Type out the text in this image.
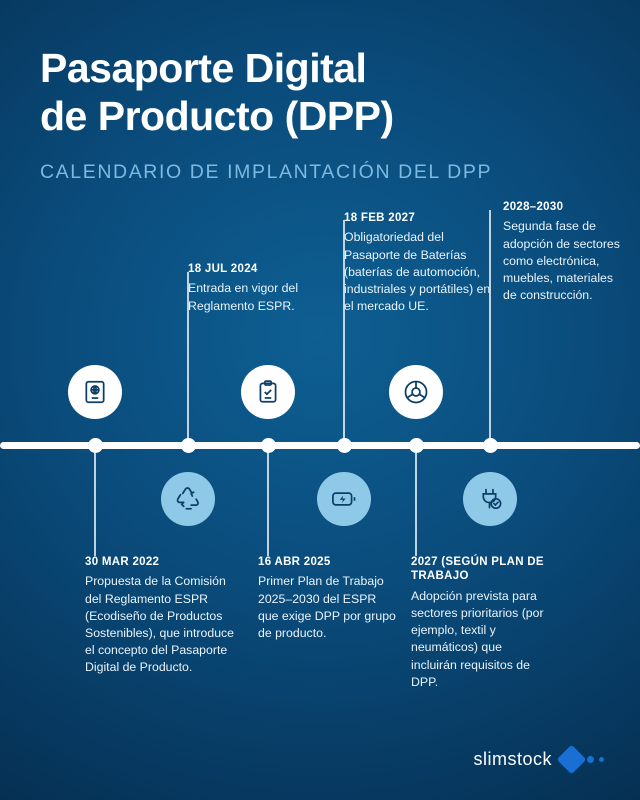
Pasaporte Digital
de Producto (DPP)
CALENDARIO DE IMPLANTACIÓN DEL DPP
18 JUL 2024
Entrada en vigor del Reglamento ESPR.
18 FEB 2027
Obligatoriedad del Pasaporte de Baterías (baterías de automoción, industriales y portátiles) en el mercado UE.
2028–2030
Segunda fase de adopción de sectores como electrónica, muebles, materiales de construcción.
30 MAR 2022
Propuesta de la Comisión del Reglamento ESPR (Ecodiseño de Productos Sostenibles), que introduce el concepto del Pasaporte Digital de Producto.
16 ABR 2025
Primer Plan de Trabajo 2025–2030 del ESPR que exige DPP por grupo de producto.
2027 (SEGÚN PLAN DE TRABAJO
Adopción prevista para sectores prioritarios (por ejemplo, textil y neumáticos) que incluirán requisitos de DPP.
slimstock
